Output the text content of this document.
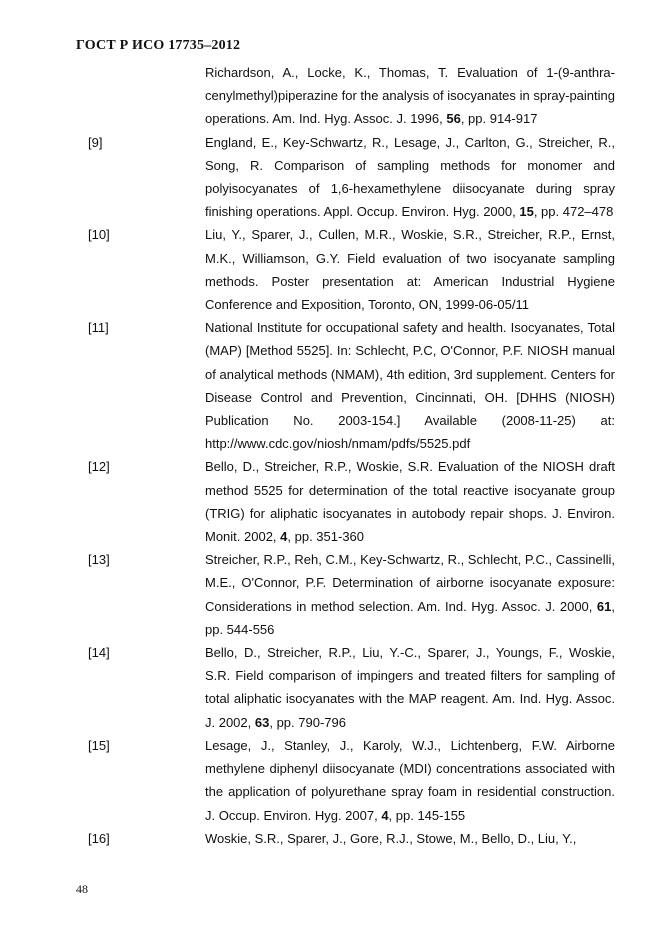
ГОСТ Р ИСО 17735–2012
Richardson, A., Locke, K., Thomas, T. Evaluation of 1-(9-anthra-cenylmethyl)piperazine for the analysis of isocyanates in spray-painting operations. Am. Ind. Hyg. Assoc. J. 1996, 56, pp. 914-917
[9]	England, E., Key-Schwartz, R., Lesage, J., Carlton, G., Streicher, R., Song, R. Comparison of sampling methods for monomer and polyisocyanates of 1,6-hexamethylene diisocyanate during spray finishing operations. Appl. Occup. Environ. Hyg. 2000, 15, pp. 472–478
[10]	Liu, Y., Sparer, J., Cullen, M.R., Woskie, S.R., Streicher, R.P., Ernst, M.K., Williamson, G.Y. Field evaluation of two isocyanate sampling methods. Poster presentation at: American Industrial Hygiene Conference and Exposition, Toronto, ON, 1999-06-05/11
[11]	National Institute for occupational safety and health. Isocyanates, Total (MAP) [Method 5525]. In: Schlecht, P.C, O'Connor, P.F. NIOSH manual of analytical methods (NMAM), 4th edition, 3rd supplement. Centers for Disease Control and Prevention, Cincinnati, OH. [DHHS (NIOSH) Publication No. 2003-154.] Available (2008-11-25) at: http://www.cdc.gov/niosh/nmam/pdfs/5525.pdf
[12]	Bello, D., Streicher, R.P., Woskie, S.R. Evaluation of the NIOSH draft method 5525 for determination of the total reactive isocyanate group (TRIG) for aliphatic isocyanates in autobody repair shops. J. Environ. Monit. 2002, 4, pp. 351-360
[13]	Streicher, R.P., Reh, C.M., Key-Schwartz, R., Schlecht, P.C., Cassinelli, M.E., O'Connor, P.F. Determination of airborne isocyanate exposure: Considerations in method selection. Am. Ind. Hyg. Assoc. J. 2000, 61, pp. 544-556
[14]	Bello, D., Streicher, R.P., Liu, Y.-C., Sparer, J., Youngs, F., Woskie, S.R. Field comparison of impingers and treated filters for sampling of total aliphatic isocyanates with the MAP reagent. Am. Ind. Hyg. Assoc. J. 2002, 63, pp. 790-796
[15]	Lesage, J., Stanley, J., Karoly, W.J., Lichtenberg, F.W. Airborne methylene diphenyl diisocyanate (MDI) concentrations associated with the application of polyurethane spray foam in residential construction. J. Occup. Environ. Hyg. 2007, 4, pp. 145-155
[16]	Woskie, S.R., Sparer, J., Gore, R.J., Stowe, M., Bello, D., Liu, Y.,
48
